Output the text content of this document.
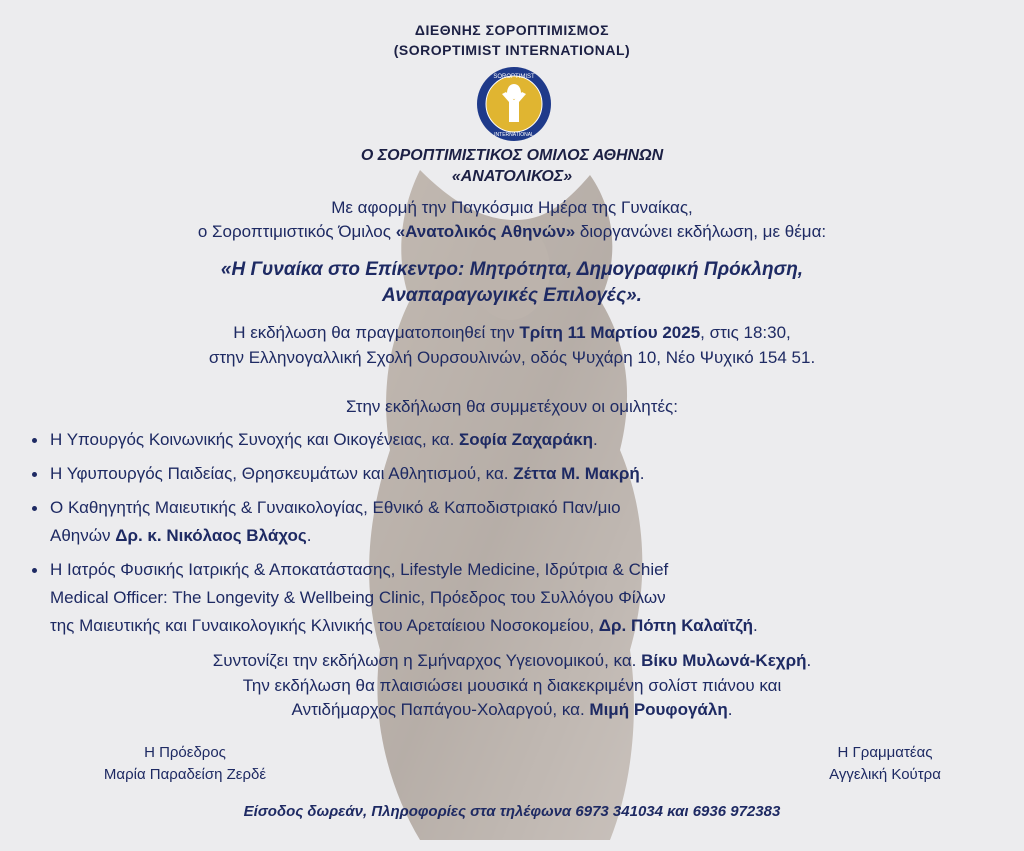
ΔΙΕΘΝΗΣ ΣΟΡΟΠΤΙΜΙΣΜΟΣ
(SOROPTIMIST INTERNATIONAL)
SOROPTIMIST
INTERNATIONAL
Ο ΣΟΡΟΠΤΙΜΙΣΤΙΚΟΣ ΟΜΙΛΟΣ ΑΘΗΝΩΝ
«ΑΝΑΤΟΛΙΚΟΣ»
Με αφορμή την Παγκόσμια Ημέρα της Γυναίκας,
ο Σοροπτιμιστικός Όμιλος «Ανατολικός Αθηνών» διοργανώνει εκδήλωση, με θέμα:
«Η Γυναίκα στο Επίκεντρο: Μητρότητα, Δημογραφική Πρόκληση,
Αναπαραγωγικές Επιλογές».
Η εκδήλωση θα πραγματοποιηθεί την Τρίτη 11 Μαρτίου 2025, στις 18:30,
στην Ελληνογαλλική Σχολή Ουρσουλινών, οδός Ψυχάρη 10, Νέο Ψυχικό 154 51.
Στην εκδήλωση θα συμμετέχουν οι ομιλητές:
Η Υπουργός Κοινωνικής Συνοχής και Οικογένειας, κα. Σοφία Ζαχαράκη.
Η Υφυπουργός Παιδείας, Θρησκευμάτων και Αθλητισμού, κα. Ζέττα Μ. Μακρή.
Ο Καθηγητής Μαιευτικής & Γυναικολογίας, Εθνικό & Καποδιστριακό Παν/μιο
Αθηνών Δρ. κ. Νικόλαος Βλάχος.
Η Ιατρός Φυσικής Ιατρικής & Αποκατάστασης, Lifestyle Medicine, Ιδρύτρια & Chief
Medical Officer: The Longevity & Wellbeing Clinic, Πρόεδρος του Συλλόγου Φίλων
της Μαιευτικής και Γυναικολογικής Κλινικής του Αρεταίειου Νοσοκομείου, Δρ. Πόπη Καλαϊτζή.
Συντονίζει την εκδήλωση η Σμήναρχος Υγειονομικού, κα. Βίκυ Μυλωνά-Κεχρή.
Την εκδήλωση θα πλαισιώσει μουσικά η διακεκριμένη σολίστ πιάνου και
Αντιδήμαρχος Παπάγου-Χολαργού, κα. Μιμή Ρουφογάλη.
Η Πρόεδρος
Μαρία Παραδείση Ζερδέ
Η Γραμματέας
Αγγελική Κούτρα
Είσοδος δωρεάν, Πληροφορίες στα τηλέφωνα 6973 341034 και 6936 972383
